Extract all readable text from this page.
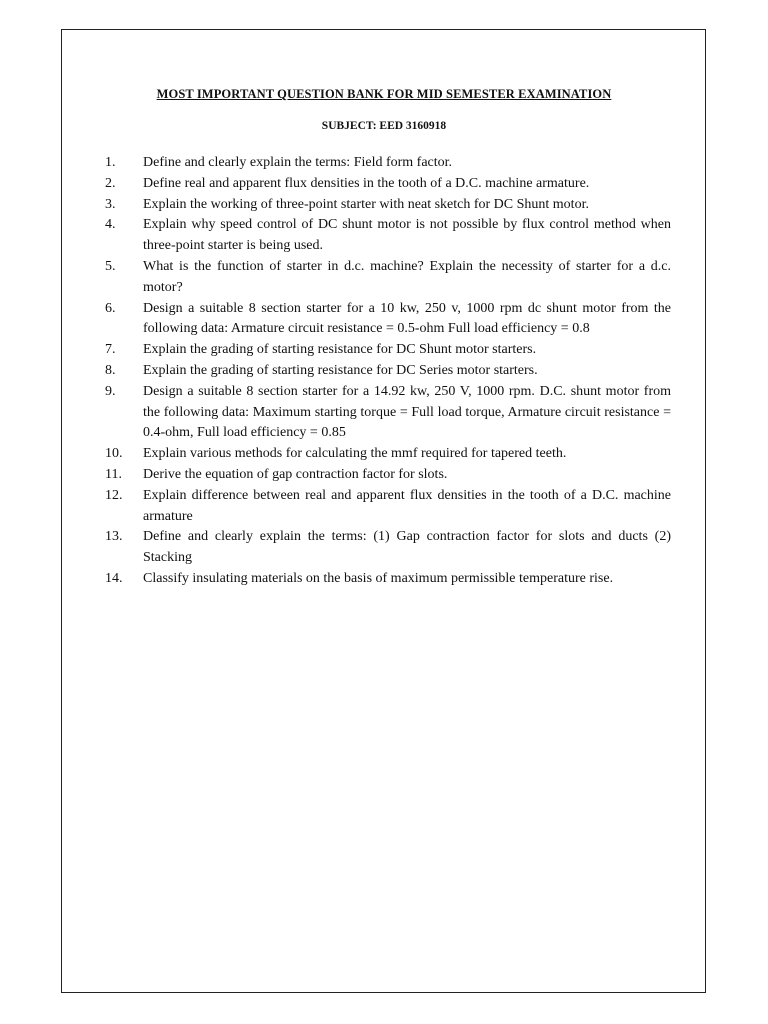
MOST IMPORTANT QUESTION BANK FOR MID SEMESTER EXAMINATION
SUBJECT: EED 3160918
1.	Define and clearly explain the terms: Field form factor.
2.	Define real and apparent flux densities in the tooth of a D.C. machine armature.
3.	Explain the working of three-point starter with neat sketch for DC Shunt motor.
4.	Explain why speed control of DC shunt motor is not possible by flux control method when three-point starter is being used.
5.	What is the function of starter in d.c. machine? Explain the necessity of starter for a d.c. motor?
6.	Design a suitable 8 section starter for a 10 kw, 250 v, 1000 rpm dc shunt motor from the following data: Armature circuit resistance = 0.5-ohm Full load efficiency = 0.8
7.	Explain the grading of starting resistance for DC Shunt motor starters.
8.	Explain the grading of starting resistance for DC Series motor starters.
9.	Design a suitable 8 section starter for a 14.92 kw, 250 V, 1000 rpm. D.C. shunt motor from the following data: Maximum starting torque = Full load torque, Armature circuit resistance = 0.4-ohm, Full load efficiency = 0.85
10.	Explain various methods for calculating the mmf required for tapered teeth.
11.	Derive the equation of gap contraction factor for slots.
12.	Explain difference between real and apparent flux densities in the tooth of a D.C. machine armature
13.	Define and clearly explain the terms: (1) Gap contraction factor for slots and ducts (2) Stacking
14.	Classify insulating materials on the basis of maximum permissible temperature rise.
